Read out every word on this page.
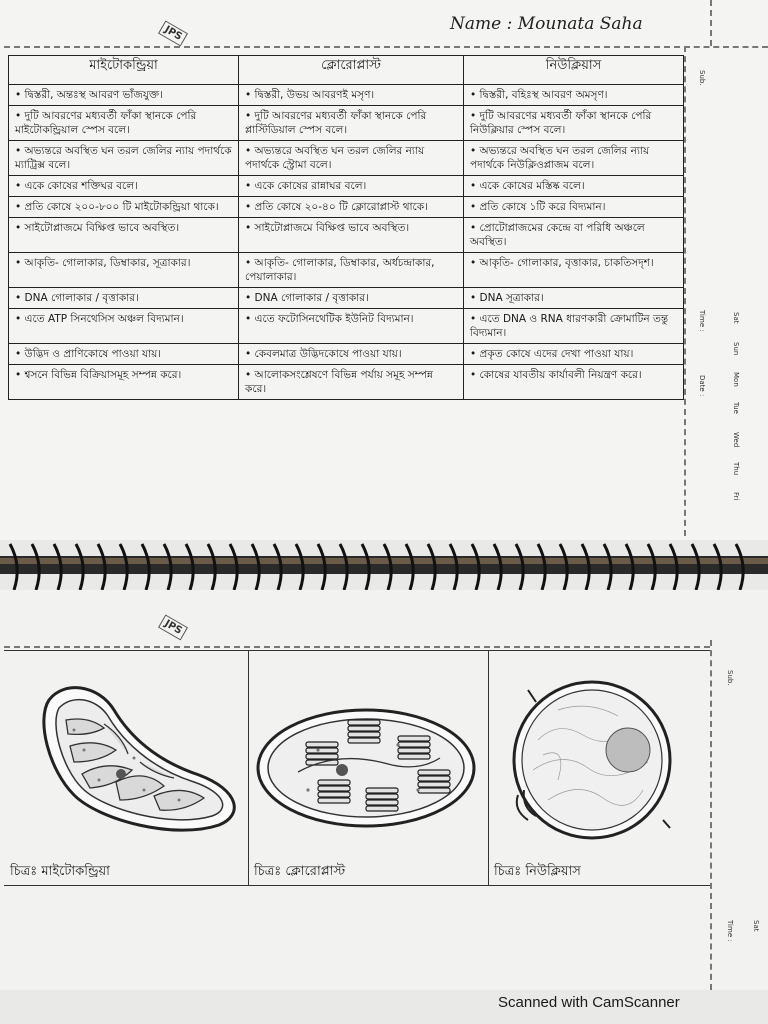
JPS	Name : Mounata Saha
Sub.
Time :
Date :
Sat
Sun
Mon
Tue
Wed
Thu
Fri
মাইটোকন্ড্রিয়া	ক্লোরোপ্লাস্ট	নিউক্লিয়াস
• দ্বিস্তরী, অন্তঃস্থ আবরণ ভাঁজযুক্ত।	• দ্বিস্তরী, উভয় আবরণই মসৃণ।	• দ্বিস্তরী, বহিঃস্থ আবরণ অমসৃণ।
• দুটি আবরণের মধ্যবর্তী ফাঁকা স্থানকে পেরি মাইটোকন্ড্রিয়াল স্পেস বলে।	• দুটি আবরণের মধ্যবর্তী ফাঁকা স্থানকে পেরি প্লাস্টিডিয়াল স্পেস বলে।	• দুটি আবরণের মধ্যবর্তী ফাঁকা স্থানকে পেরি নিউক্লিয়ার স্পেস বলে।
• অভ্যন্তরে অবস্থিত ঘন তরল জেলির ন্যায় পদার্থকে ম্যাট্রিক্স বলে।	• অভ্যন্তরে অবস্থিত ঘন তরল জেলির ন্যায় পদার্থকে স্ট্রোমা বলে।	• অভ্যন্তরে অবস্থিত ঘন তরল জেলির ন্যায় পদার্থকে নিউক্লিওপ্লাজম বলে।
• একে কোষের শক্তিঘর বলে।	• একে কোষের রান্নাঘর বলে।	• একে কোষের মস্তিষ্ক বলে।
• প্রতি কোষে ২০০-৮০০ টি মাইটোকন্ড্রিয়া থাকে।	• প্রতি কোষে ২০-৪০ টি ক্লোরোপ্লাস্ট থাকে।	• প্রতি কোষে ১টি করে বিদ্যমান।
• সাইটোপ্লাজমে বিক্ষিপ্ত ভাবে অবস্থিত।	• সাইটোপ্লাজমে বিক্ষিপ্ত ভাবে অবস্থিত।	• প্রোটোপ্লাজমের কেন্দ্রে বা পরিধি অঞ্চলে অবস্থিত।
• আকৃতি- গোলাকার, ডিম্বাকার, সূত্রাকার।	• আকৃতি- গোলাকার, ডিম্বাকার, অর্ধচন্দ্রাকার, পেয়ালাকার।	• আকৃতি- গোলাকার, বৃত্তাকার, চাকতিসদৃশ।
• DNA গোলাকার / বৃত্তাকার।	• DNA গোলাকার / বৃত্তাকার।	• DNA সূত্রাকার।
• এতে ATP সিনথেসিস অঞ্চল বিদ্যমান।	• এতে ফটোসিনথেটিক ইউনিট বিদ্যমান।	• এতে DNA ও RNA ধারণকারী ক্রোমাটিন তন্তু বিদ্যমান।
• উদ্ভিদ ও প্রাণিকোষে পাওয়া যায়।	• কেবলমাত্র উদ্ভিদকোষে পাওয়া যায়।	• প্রকৃত কোষে এদের দেখা পাওয়া যায়।
• শ্বসনে বিভিন্ন বিক্রিয়াসমূহ সম্পন্ন করে।	• আলোকসংশ্লেষণে বিভিন্ন পর্যায় সমূহ সম্পন্ন করে।	• কোষের যাবতীয় কার্যাবলী নিয়ন্ত্রণ করে।
JPS
Sub.
Time :	Sat
চিত্রঃ মাইটোকন্ড্রিয়া	চিত্রঃ ক্লোরোপ্লাস্ট	চিত্রঃ নিউক্লিয়াস
Scanned with CamScanner
